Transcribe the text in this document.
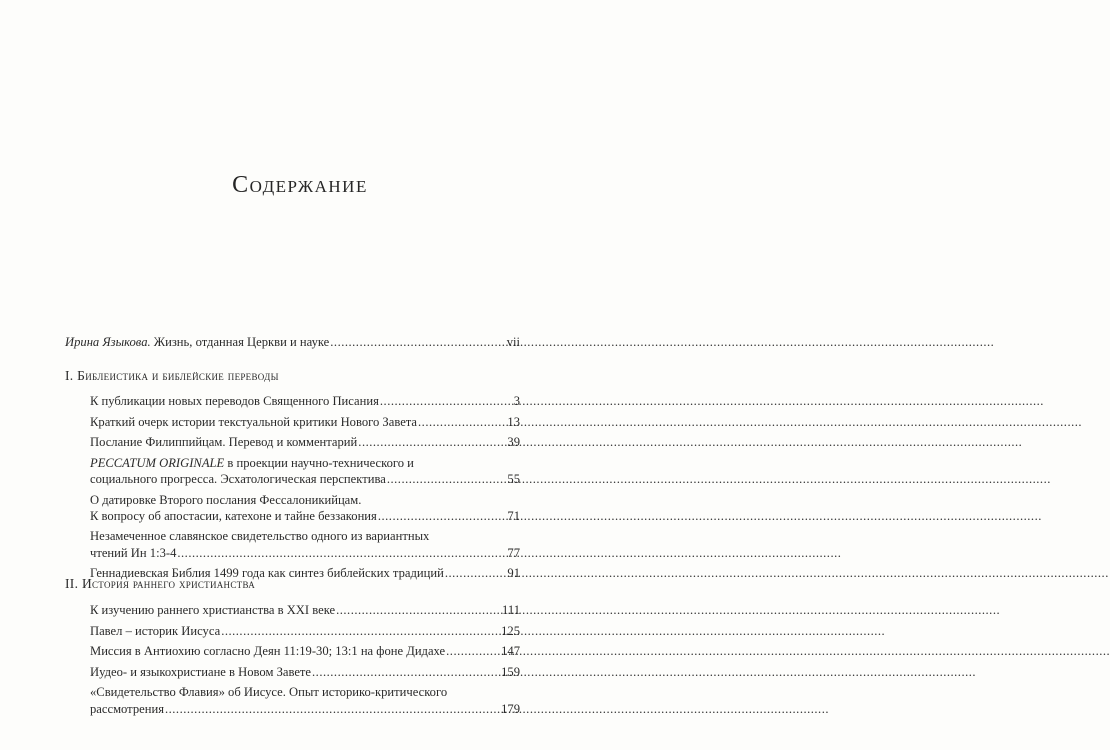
Содержание
Ирина Языкова. Жизнь, отданная Церкви и науке .....	vii
I. Библеистика и библейские переводы
К публикации новых переводов Священного Писания .....	3
Краткий очерк истории текстуальной критики Нового Завета .....	13
Послание Филиппийцам. Перевод и комментарий .....	39
PECCATUM ORIGINALE в проекции научно-технического и
социального прогресса. Эсхатологическая перспектива .....	55
О датировке Второго послания Фессалоникийцам.
К вопросу об апостасии, катехоне и тайне беззакония .....	71
Незамеченное славянское свидетельство одного из вариантных
чтений Ин 1:3-4 .....	77
Геннадиевская Библия 1499 года как синтез библейских традиций .....	91
II. История раннего христианства
К изучению раннего христианства в XXI веке .....	111
Павел – историк Иисуса .....	125
Миссия в Антиохию согласно Деян 11:19-30; 13:1 на фоне Дидахе .....	147
Иудео- и языкохристиане в Новом Завете .....	159
«Свидетельство Флавия» об Иисусе. Опыт историко-критического
рассмотрения .....	179
